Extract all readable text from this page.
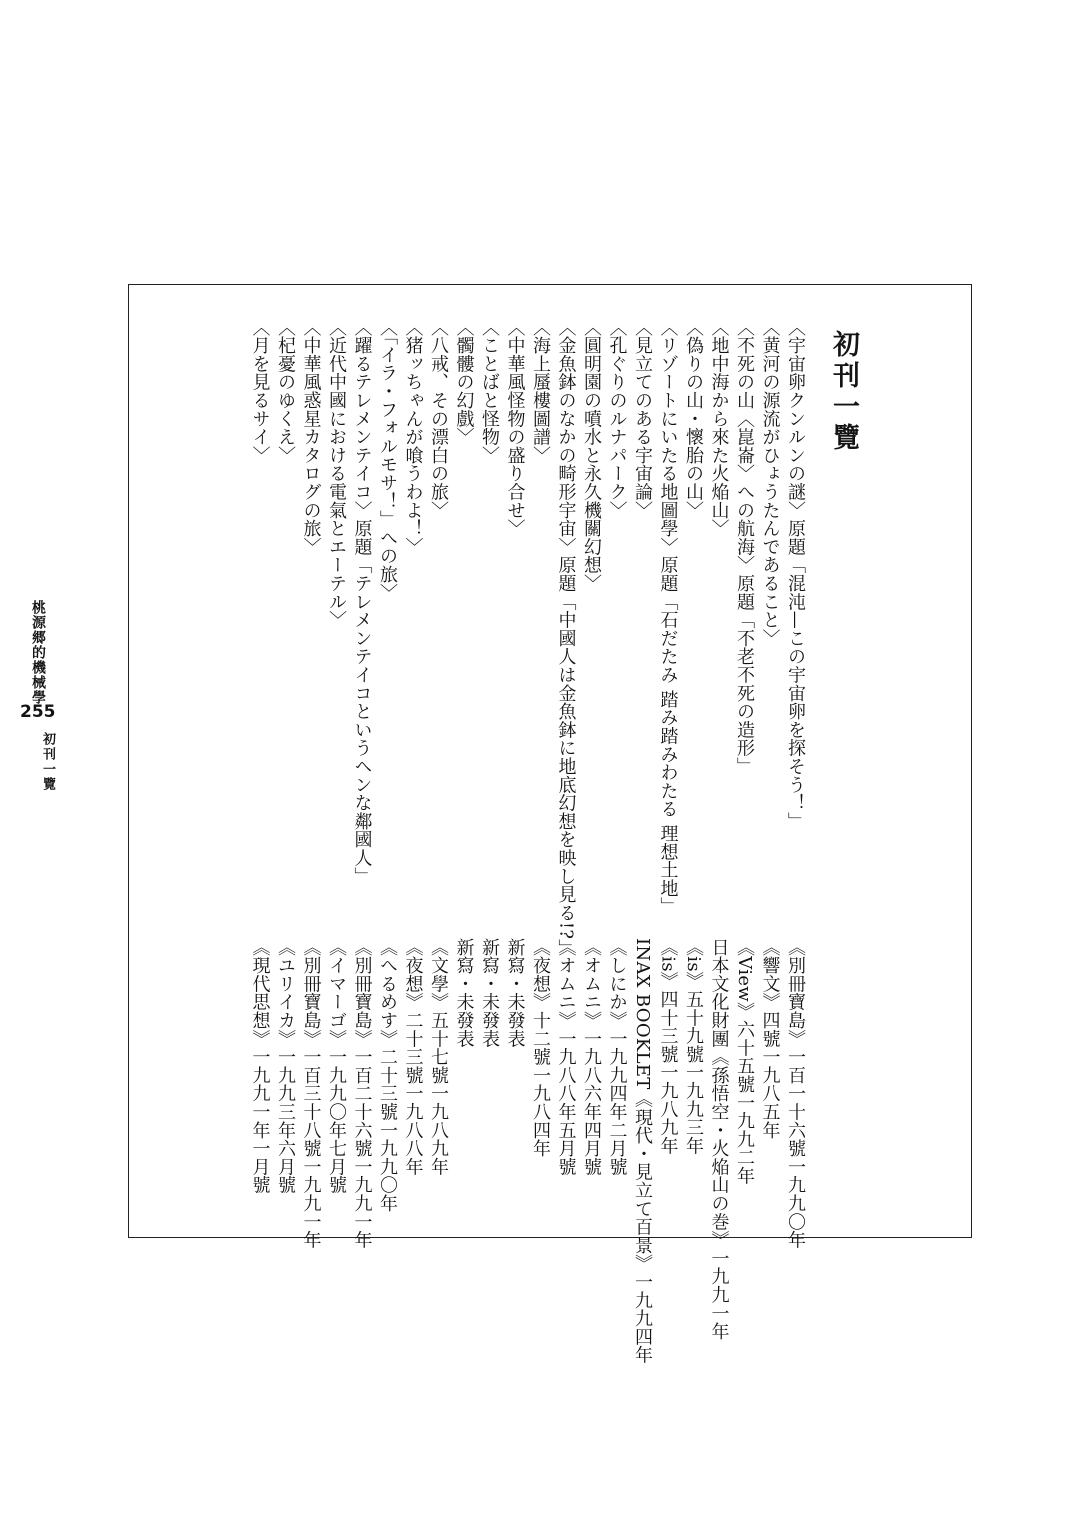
桃源郷的機械學
255
初刊一覽
初刊一覽
〈宇宙卵クンルンの謎〉原題「混沌—この宇宙卵を探そう！」
〈黄河の源流がひょうたんであること〉
〈不死の山〈崑崙〉への航海〉原題「不老不死の造形」
〈地中海から來た火焔山〉
〈偽りの山・懷胎の山〉
〈リゾートにいたる地圖學〉原題「石だたみ 踏み踏みわたる 理想土地」
〈見立てのある宇宙論〉
〈孔ぐりのルナパーク〉
〈圓明園の噴水と永久機關幻想〉
〈金魚鉢のなかの畸形宇宙〉原題「中國人は金魚鉢に地底幻想を映し見る!?」
〈海上蜃樓圖譜〉
〈中華風怪物の盛り合せ〉
〈ことばと怪物〉
〈髑髏の幻戲〉
〈八戒、その漂白の旅〉
〈猪ッちゃんが喰うわよ！〉
〈「イラ・フォルモサ！」への旅〉
〈躍るテレメンテイコ〉原題「テレメンテイコというヘンな鄰國人」
〈近代中國における電氣とエーテル〉
〈中華風惑星カタログの旅〉
〈杞憂のゆくえ〉
〈月を見るサイ〉
《別冊寶島》一百一十六號一九九〇年
《響文》四號一九八五年
《View》六十五號一九九二年
日本文化財團《孫悟空・火焔山の巻》一九九一年
《is》五十九號一九九三年
《is》四十三號一九八九年
INAX BOOKLET《現代・見立て百景》一九九四年
《しにか》一九九四年二月號
《オムニ》一九八六年四月號
《オムニ》一九八八年五月號
《夜想》十二號一九八四年
新寫・未發表
新寫・未發表
新寫・未發表
《文學》五十七號一九八九年
《夜想》二十三號一九八八年
《へるめす》二十三號一九九〇年
《別冊寶島》一百二十六號一九九一年
《イマーゴ》一九九〇年七月號
《別冊寶島》一百三十八號一九九一年
《ユリイカ》一九九三年六月號
《現代思想》一九九一年一月號
